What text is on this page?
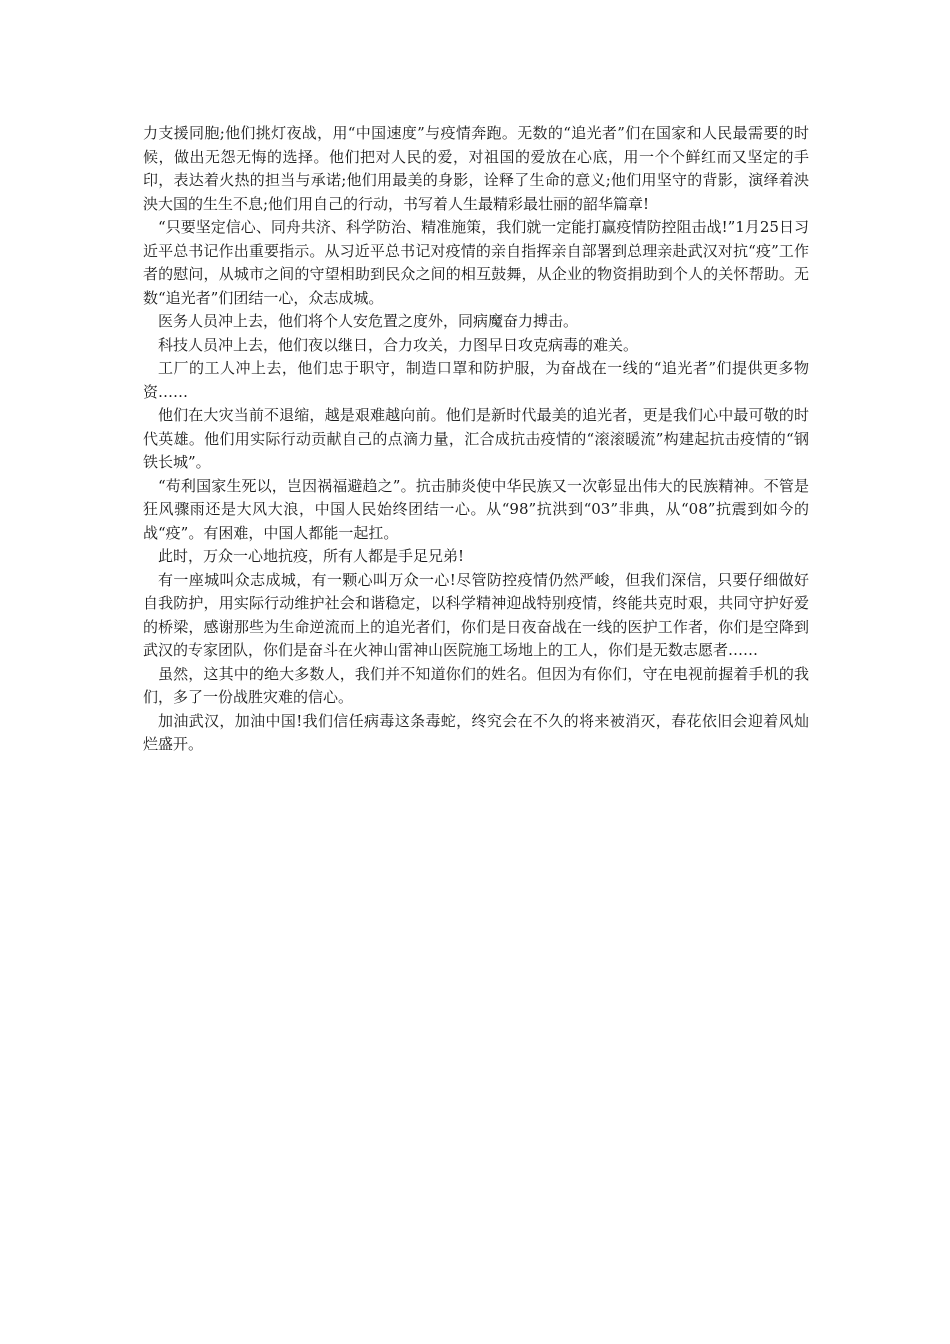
力支援同胞;他们挑灯夜战，用“中国速度”与疫情奔跑。无数的“追光者”们在国家和人民最需要的时候，做出无怨无悔的选择。他们把对人民的爱，对祖国的爱放在心底，用一个个鲜红而又坚定的手印，表达着火热的担当与承诺;他们用最美的身影，诠释了生命的意义;他们用坚守的背影，演绎着泱泱大国的生生不息;他们用自己的行动，书写着人生最精彩最壮丽的韶华篇章!

“只要坚定信心、同舟共济、科学防治、精准施策，我们就一定能打赢疫情防控阻击战!”1月25日习近平总书记作出重要指示。从习近平总书记对疫情的亲自指挥亲自部署到总理亲赴武汉对抗“疫”工作者的慰问，从城市之间的守望相助到民众之间的相互鼓舞，从企业的物资捐助到个人的关怀帮助。无数“追光者”们团结一心，众志成城。

医务人员冲上去，他们将个人安危置之度外，同病魔奋力搏击。

科技人员冲上去，他们夜以继日，合力攻关，力图早日攻克病毒的难关。

工厂的工人冲上去，他们忠于职守，制造口罩和防护服，为奋战在一线的“追光者”们提供更多物资……

他们在大灾当前不退缩，越是艰难越向前。他们是新时代最美的追光者，更是我们心中最可敬的时代英雄。他们用实际行动贡献自己的点滴力量，汇合成抗击疫情的“滚滚暖流”构建起抗击疫情的“钢铁长城”。

“苟利国家生死以，岂因祸福避趋之”。抗击肺炎使中华民族又一次彰显出伟大的民族精神。不管是狂风骤雨还是大风大浪，中国人民始终团结一心。从“98”抗洪到“03”非典，从“08”抗震到如今的战“疫”。有困难，中国人都能一起扛。

此时，万众一心地抗疫，所有人都是手足兄弟!

有一座城叫众志成城，有一颗心叫万众一心!尽管防控疫情仍然严峻，但我们深信，只要仔细做好自我防护，用实际行动维护社会和谐稳定，以科学精神迎战特别疫情，终能共克时艰，共同守护好爱的桥梁，感谢那些为生命逆流而上的追光者们，你们是日夜奋战在一线的医护工作者，你们是空降到武汉的专家团队，你们是奋斗在火神山雷神山医院施工场地上的工人，你们是无数志愿者……

虽然，这其中的绝大多数人，我们并不知道你们的姓名。但因为有你们，守在电视前握着手机的我们，多了一份战胜灾难的信心。

加油武汉，加油中国!我们信任病毒这条毒蛇，终究会在不久的将来被消灭，春花依旧会迎着风灿烂盛开。
